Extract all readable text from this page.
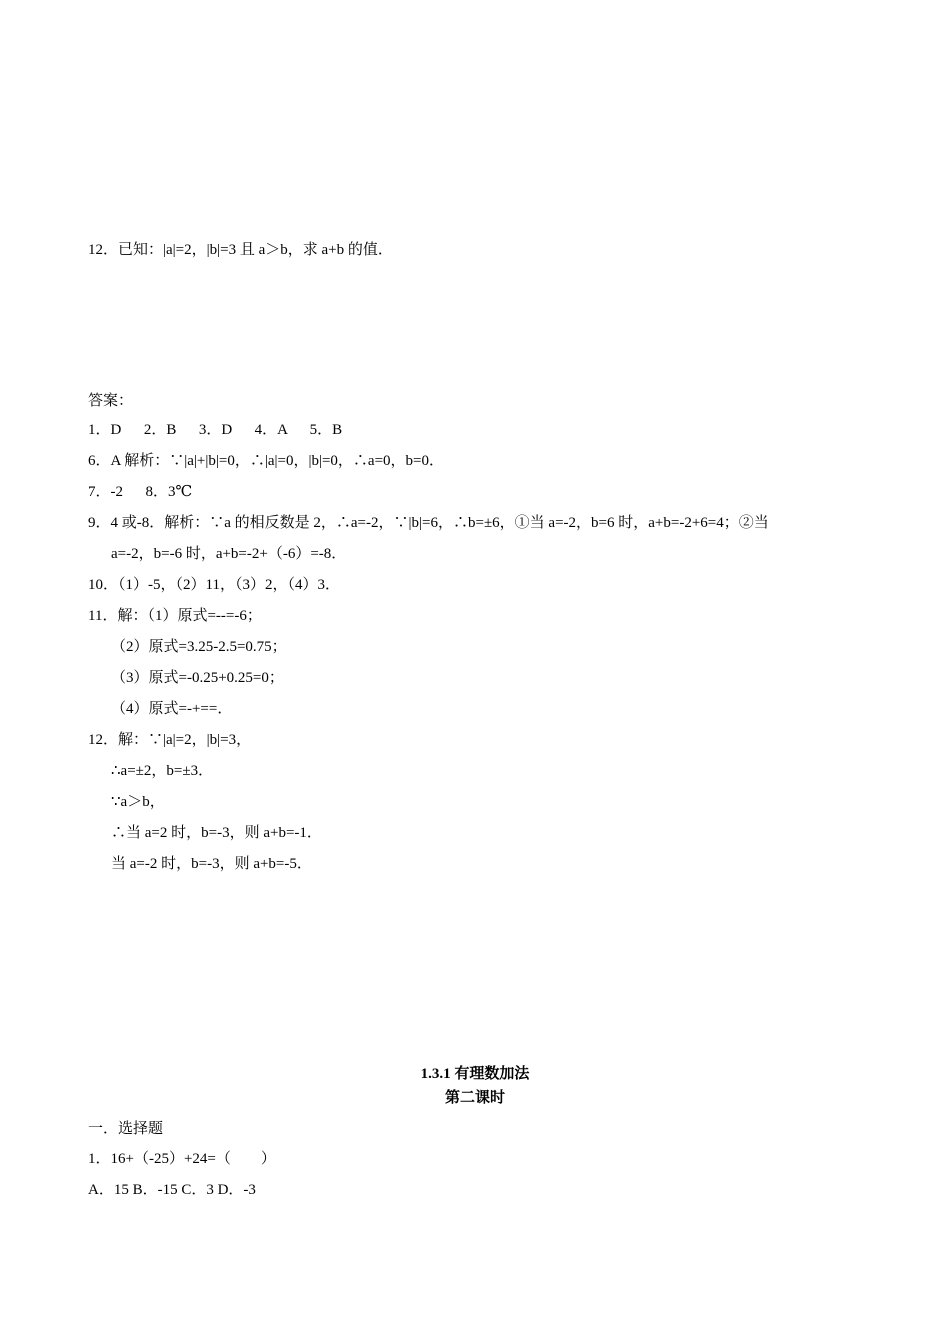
12．已知：|a|=2，|b|=3 且 a＞b，求 a+b 的值．
答案：
1．D      2．B      3．D      4．A      5．B
6．A 解析：∵|a|+|b|=0，∴|a|=0，|b|=0，∴a=0，b=0．
7．-2      8．3℃
9．4 或-8．解析：∵a 的相反数是 2，∴a=-2，∵|b|=6，∴b=±6，①当 a=-2，b=6 时，a+b=-2+6=4；②当
a=-2，b=-6 时，a+b=-2+（-6）=-8．
10．（1）-5，（2）11，（3）2，（4）3．
11．解：（1）原式=--=-6；
（2）原式=3.25-2.5=0.75；
（3）原式=-0.25+0.25=0；
（4）原式=-+==．
12．解：∵|a|=2，|b|=3，
∴a=±2，b=±3．
∵a＞b，
∴当 a=2 时，b=-3，则 a+b=-1．
当 a=-2 时，b=-3，则 a+b=-5．
1.3.1 有理数加法
第二课时
一．选择题
1．16+（-25）+24=（　　）
A．15 B．-15 C．3 D．-3
